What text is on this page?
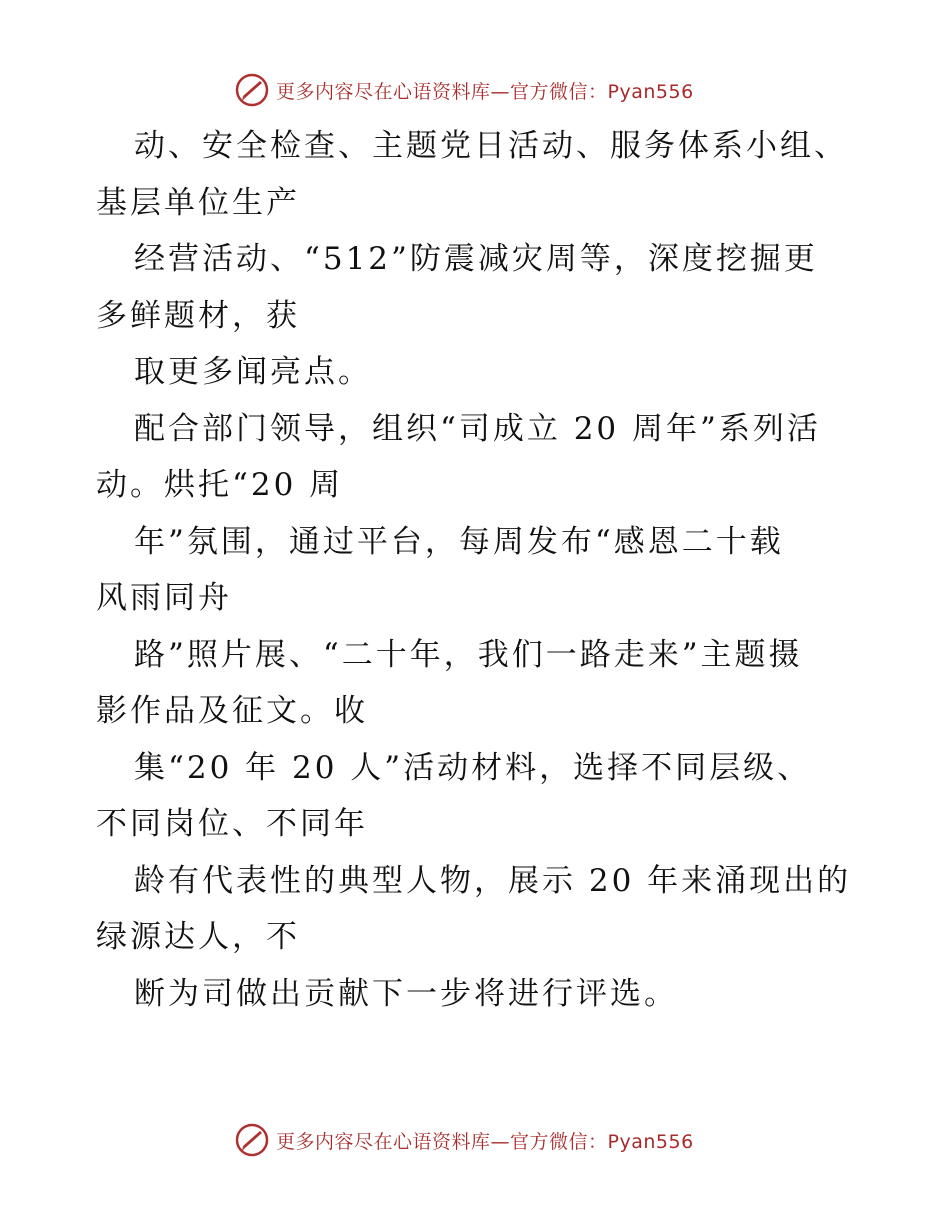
更多内容尽在心语资料库—官方微信：Pyan556
动、安全检查、主题党日活动、服务体系小组、
基层单位生产
经营活动、“512”防震减灾周等，深度挖掘更
多鲜题材，获
取更多闻亮点。
配合部门领导，组织“司成立 20 周年”系列活
动。烘托“20 周
年”氛围，通过平台，每周发布“感恩二十载
风雨同舟
路”照片展、“二十年，我们一路走来”主题摄
影作品及征文。收
集“20 年 20 人”活动材料，选择不同层级、
不同岗位、不同年
龄有代表性的典型人物，展示 20 年来涌现出的
绿源达人，不
断为司做出贡献下一步将进行评选。
更多内容尽在心语资料库—官方微信：Pyan556
